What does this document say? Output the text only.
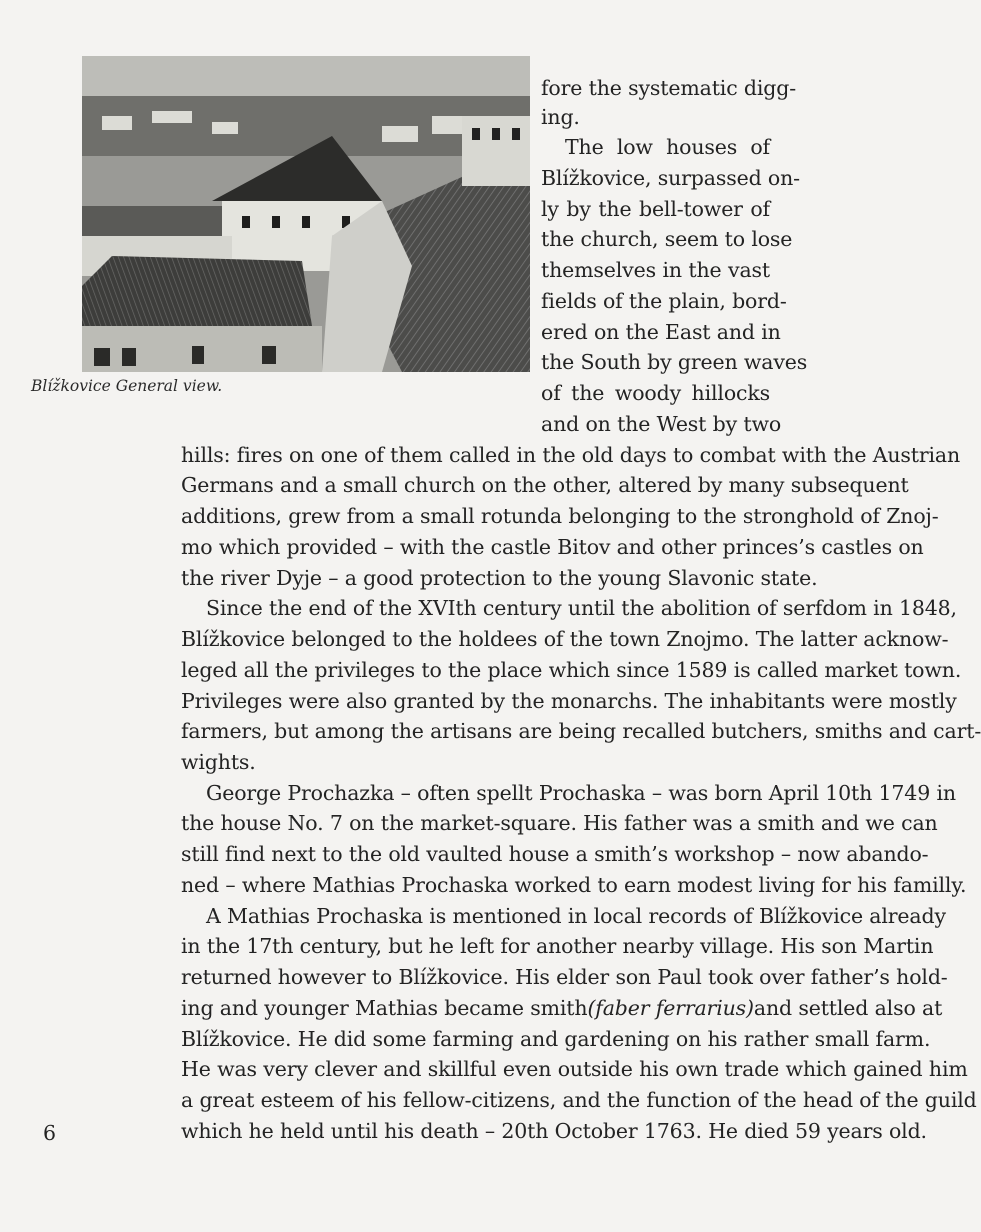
Blížkovice General view.
fore the systematic digg-
ing.
The low houses of
Blížkovice, surpassed on-
ly by the bell-tower of
the church, seem to lose
themselves in the vast
fields of the plain, bord-
ered on the East and in
the South by green waves
of the woody hillocks
and on the West by two
hills: fires on one of them called in the old days to combat with the Austrian
Germans and a small church on the other, altered by many subsequent
additions, grew from a small rotunda belonging to the stronghold of Znoj-
mo which provided – with the castle Bitov and other princes’s castles on
the river Dyje – a good protection to the young Slavonic state.
Since the end of the XVIth century until the abolition of serfdom in 1848,
Blížkovice belonged to the holdees of the town Znojmo. The latter acknow-
leged all the privileges to the place which since 1589 is called market town.
Privileges were also granted by the monarchs. The inhabitants were mostly
farmers, but among the artisans are being recalled butchers, smiths and cart-
wights.
George Prochazka – often spellt Prochaska – was born April 10th 1749 in
the house No. 7 on the market-square. His father was a smith and we can
still find next to the old vaulted house a smith’s workshop – now abando-
ned – where Mathias Prochaska worked to earn modest living for his familly.
A Mathias Prochaska is mentioned in local records of Blížkovice already
in the 17th century, but he left for another nearby village. His son Martin
returned however to Blížkovice. His elder son Paul took over father’s hold-
ing and younger Mathias became smith (faber ferrarius) and settled also at
Blížkovice. He did some farming and gardening on his rather small farm.
He was very clever and skillful even outside his own trade which gained him
a great esteem of his fellow-citizens, and the function of the head of the guild
which he held until his death – 20th October 1763. He died 59 years old.
6
